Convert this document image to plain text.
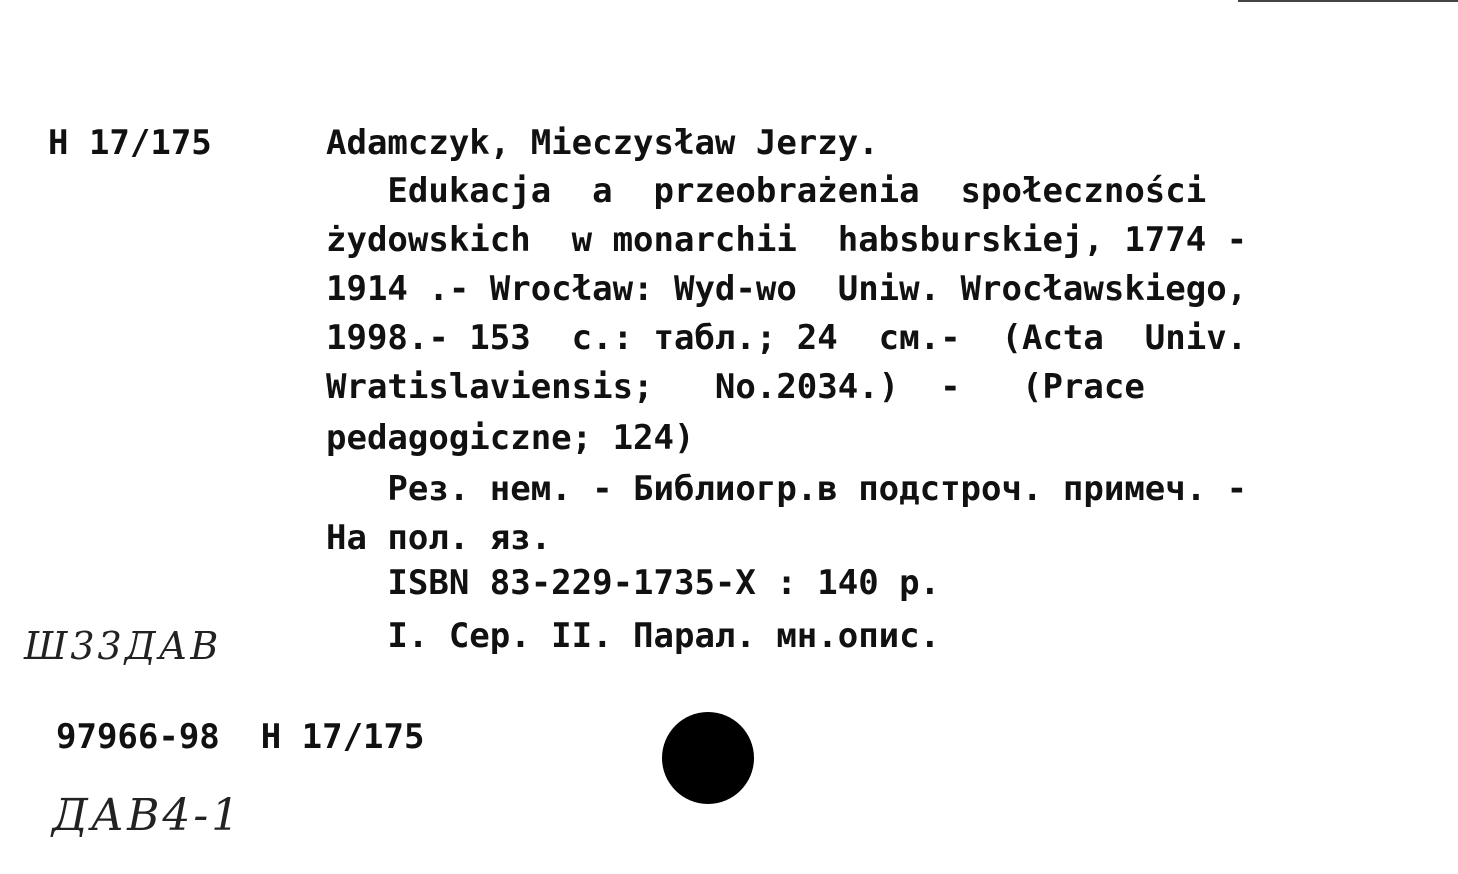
H 17/175	Adamczyk, Mieczysław Jerzy.
Edukacja  a  przeobrażenia  społeczności
żydowskich  w monarchii  habsburskiej, 1774 -
1914 .- Wrocław: Wyd-wo  Uniw. Wrocławskiego,
1998.- 153  c.: табл.; 24  см.-  (Acta  Univ.
Wratislaviensis;   No.2034.)  -   (Prace
pedagogiczne; 124)
Рез. нем. - Библиогр.в подстроч. примеч. -
На пол. яз.
ISBN 83-229-1735-X : 140 р.
I. Сер. II. Парал. мн.опис.
Ш33ДАВ
97966-98  H 17/175
ДАВ4-1
